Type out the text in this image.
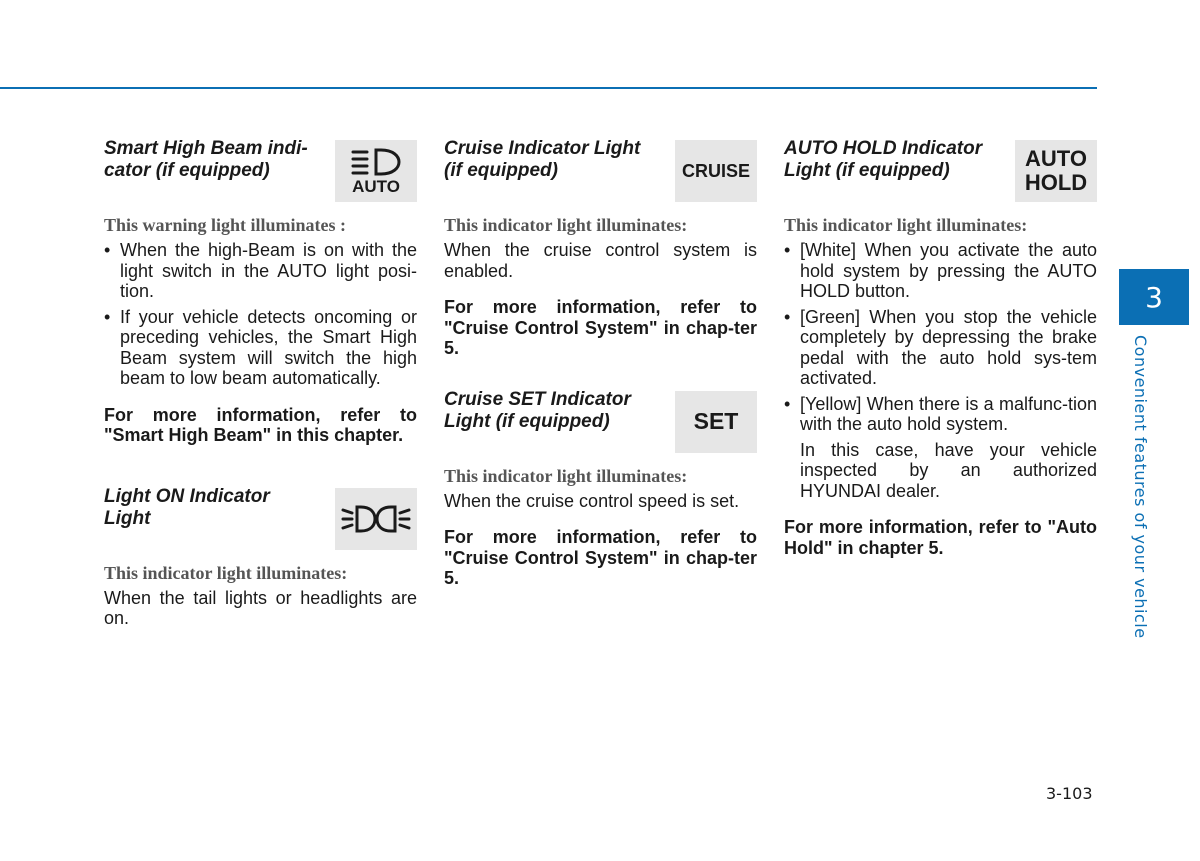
Smart High Beam indi-
cator (if equipped)
AUTO
This warning light illuminates :
• When the high-Beam is on with the light switch in the AUTO light posi-tion.
• If your vehicle detects oncoming or preceding vehicles, the Smart High Beam system will switch the high beam to low beam automatically.

For more information, refer to "Smart High Beam" in this chapter.

Light ON Indicator
Light
This indicator light illuminates:

When the tail lights or headlights are on.

Cruise Indicator Light
(if equipped)	CRUISE
This indicator light illuminates:

When the cruise control system is enabled.

For more information, refer to "Cruise Control System" in chap-ter 5.

Cruise SET Indicator
Light (if equipped)	SET
This indicator light illuminates:

When the cruise control speed is set.

For more information, refer to "Cruise Control System" in chap-ter 5.

AUTO HOLD Indicator
Light (if equipped)	AUTO
HOLD
This indicator light illuminates:
• [White] When you activate the auto hold system by pressing the AUTO HOLD button.
• [Green] When you stop the vehicle completely by depressing the brake pedal with the auto hold sys-tem activated.
• [Yellow] When there is a malfunc-tion with the auto hold system.

In this case, have your vehicle inspected by an authorized HYUNDAI dealer.

For more information, refer to "Auto Hold" in chapter 5.

3
Convenient features of your vehicle
3-103
